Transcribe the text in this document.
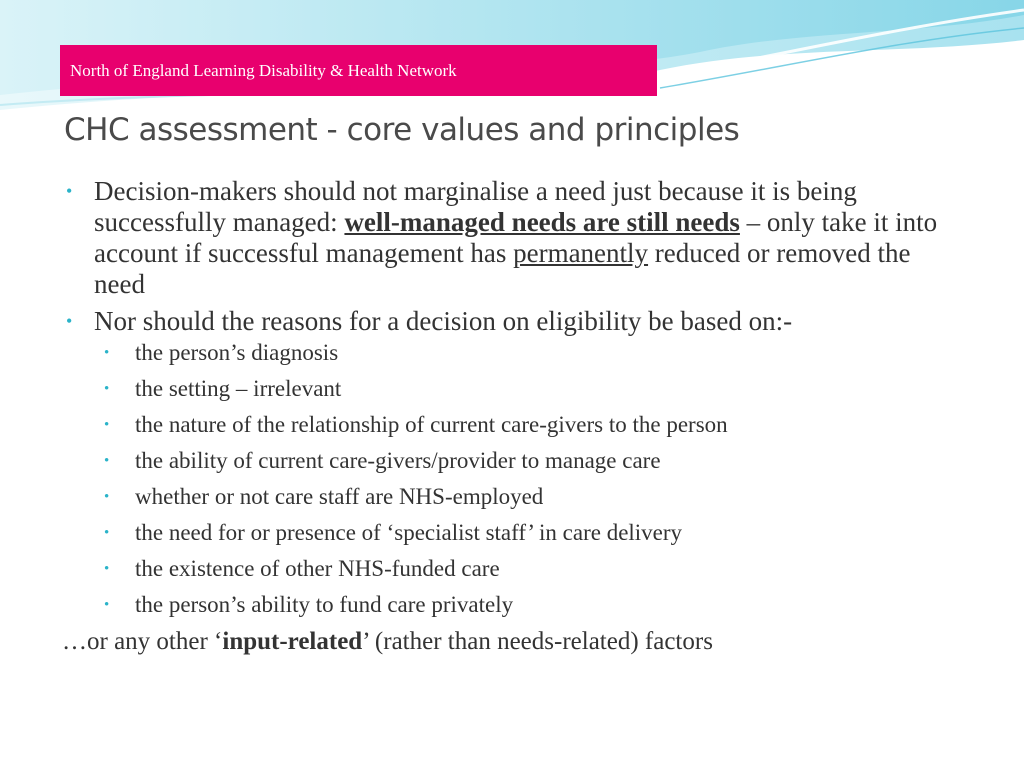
North of England Learning Disability & Health Network
CHC assessment - core values and principles
• Decision-makers should not marginalise a need just because it is being successfully managed: well-managed needs are still needs – only take it into account if successful management has permanently reduced or removed the need
• Nor should the reasons for a decision on eligibility be based on:-
• the person’s diagnosis
• the setting – irrelevant
• the nature of the relationship of current care-givers to the person
• the ability of current care-givers/provider to manage care
• whether or not care staff are NHS-employed
• the need for or presence of ‘specialist staff’ in care delivery
• the existence of other NHS-funded care
• the person’s ability to fund care privately

…or any other ‘input-related’ (rather than needs-related) factors
